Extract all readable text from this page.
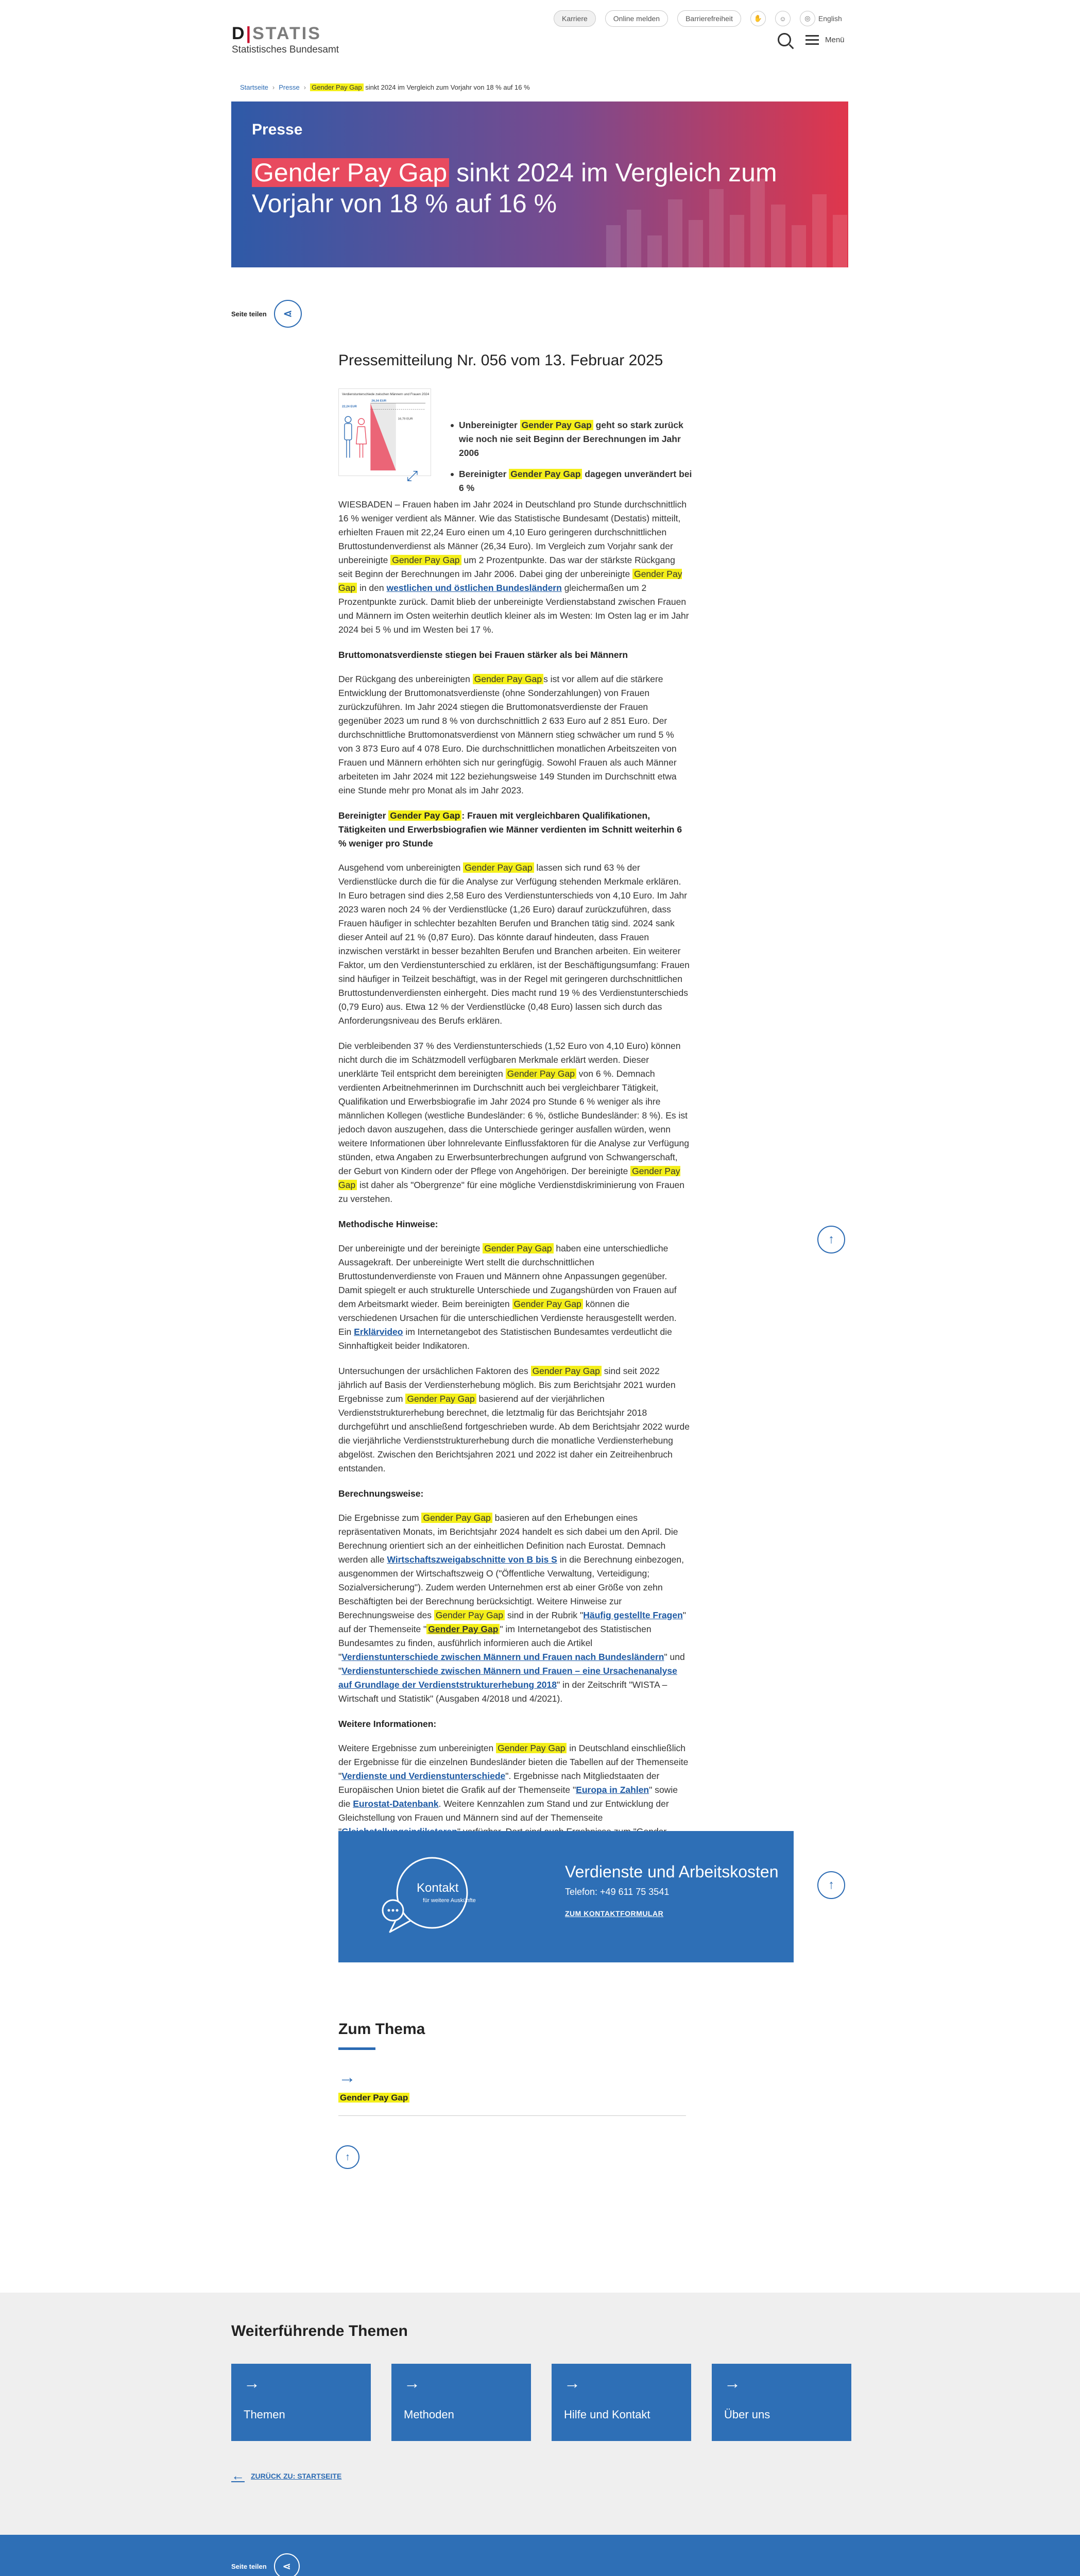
D|STATIS
Statistisches Bundesamt
Karriere	Online melden	Barrierefreiheit	✋	☺	◎	English
Menü
Startseite › Presse › Gender Pay Gap sinkt 2024 im Vergleich zum Vorjahr von 18 % auf 16 %
Presse
Gender Pay Gap sinkt 2024 im Vergleich zum Vorjahr von 18 % auf 16 %
Seite teilen	⋖
Pressemitteilung Nr. 056 vom 13. Februar 2025
Verdienstunterschiede zwischen Männern und Frauen 2024
22,24 EUR
26,34 EUR
16,79 EUR
⤢
Unbereinigter Gender Pay Gap geht so stark zurück wie noch nie seit Beginn der Berechnungen im Jahr 2006
Bereinigter Gender Pay Gap dagegen unverändert bei 6 %

WIESBADEN – Frauen haben im Jahr 2024 in Deutschland pro Stunde durchschnittlich 16 % weniger verdient als Männer. Wie das Statistische Bundesamt (Destatis) mitteilt, erhielten Frauen mit 22,24 Euro einen um 4,10 Euro geringeren durchschnittlichen Bruttostundenverdienst als Männer (26,34 Euro). Im Vergleich zum Vorjahr sank der unbereinigte Gender Pay Gap um 2 Prozentpunkte. Das war der stärkste Rückgang seit Beginn der Berechnungen im Jahr 2006. Dabei ging der unbereinigte Gender Pay Gap in den westlichen und östlichen Bundesländern gleichermaßen um 2 Prozentpunkte zurück. Damit blieb der unbereinigte Verdienstabstand zwischen Frauen und Männern im Osten weiterhin deutlich kleiner als im Westen: Im Osten lag er im Jahr 2024 bei 5 % und im Westen bei 17 %.

Bruttomonatsverdienste stiegen bei Frauen stärker als bei Männern

Der Rückgang des unbereinigten Gender Pay Gap s ist vor allem auf die stärkere Entwicklung der Bruttomonatsverdienste (ohne Sonderzahlungen) von Frauen zurückzuführen. Im Jahr 2024 stiegen die Bruttomonatsverdienste der Frauen gegenüber 2023 um rund 8 % von durchschnittlich 2 633 Euro auf 2 851 Euro. Der durchschnittliche Bruttomonatsverdienst von Männern stieg schwächer um rund 5 % von 3 873 Euro auf 4 078 Euro. Die durchschnittlichen monatlichen Arbeitszeiten von Frauen und Männern erhöhten sich nur geringfügig. Sowohl Frauen als auch Männer arbeiteten im Jahr 2024 mit 122 beziehungsweise 149 Stunden im Durchschnitt etwa eine Stunde mehr pro Monat als im Jahr 2023.

Bereinigter Gender Pay Gap : Frauen mit vergleichbaren Qualifikationen, Tätigkeiten und Erwerbsbiografien wie Männer verdienten im Schnitt weiterhin 6 % weniger pro Stunde

Ausgehend vom unbereinigten Gender Pay Gap lassen sich rund 63 % der Verdienstlücke durch die für die Analyse zur Verfügung stehenden Merkmale erklären. In Euro betragen sind dies 2,58 Euro des Verdienstunterschieds von 4,10 Euro. Im Jahr 2023 waren noch 24 % der Verdienstlücke (1,26 Euro) darauf zurückzuführen, dass Frauen häufiger in schlechter bezahlten Berufen und Branchen tätig sind. 2024 sank dieser Anteil auf 21 % (0,87 Euro). Das könnte darauf hindeuten, dass Frauen inzwischen verstärkt in besser bezahlten Berufen und Branchen arbeiten. Ein weiterer Faktor, um den Verdienstunterschied zu erklären, ist der Beschäftigungsumfang: Frauen sind häufiger in Teilzeit beschäftigt, was in der Regel mit geringeren durchschnittlichen Bruttostundenverdiensten einhergeht. Dies macht rund 19 % des Verdienstunterschieds (0,79 Euro) aus. Etwa 12 % der Verdienstlücke (0,48 Euro) lassen sich durch das Anforderungsniveau des Berufs erklären.

Die verbleibenden 37 % des Verdienstunterschieds (1,52 Euro von 4,10 Euro) können nicht durch die im Schätzmodell verfügbaren Merkmale erklärt werden. Dieser unerklärte Teil entspricht dem bereinigten Gender Pay Gap von 6 %. Demnach verdienten Arbeitnehmerinnen im Durchschnitt auch bei vergleichbarer Tätigkeit, Qualifikation und Erwerbsbiografie im Jahr 2024 pro Stunde 6 % weniger als ihre männlichen Kollegen (westliche Bundesländer: 6 %, östliche Bundesländer: 8 %). Es ist jedoch davon auszugehen, dass die Unterschiede geringer ausfallen würden, wenn weitere Informationen über lohnrelevante Einflussfaktoren für die Analyse zur Verfügung stünden, etwa Angaben zu Erwerbsunterbrechungen aufgrund von Schwangerschaft, der Geburt von Kindern oder der Pflege von Angehörigen. Der bereinigte Gender Pay Gap ist daher als "Obergrenze" für eine mögliche Verdienstdiskriminierung von Frauen zu verstehen.

Methodische Hinweise:

Der unbereinigte und der bereinigte Gender Pay Gap haben eine unterschiedliche Aussagekraft. Der unbereinigte Wert stellt die durchschnittlichen Bruttostundenverdienste von Frauen und Männern ohne Anpassungen gegenüber. Damit spiegelt er auch strukturelle Unterschiede und Zugangshürden von Frauen auf dem Arbeitsmarkt wieder. Beim bereinigten Gender Pay Gap können die verschiedenen Ursachen für die unterschiedlichen Verdienste herausgestellt werden. Ein Erklärvideo im Internetangebot des Statistischen Bundesamtes verdeutlicht die Sinnhaftigkeit beider Indikatoren.

Untersuchungen der ursächlichen Faktoren des Gender Pay Gap sind seit 2022 jährlich auf Basis der Verdiensterhebung möglich. Bis zum Berichtsjahr 2021 wurden Ergebnisse zum Gender Pay Gap basierend auf der vierjährlichen Verdienststrukturerhebung berechnet, die letztmalig für das Berichtsjahr 2018 durchgeführt und anschließend fortgeschrieben wurde. Ab dem Berichtsjahr 2022 wurde die vierjährliche Verdienststrukturerhebung durch die monatliche Verdiensterhebung abgelöst. Zwischen den Berichtsjahren 2021 und 2022 ist daher ein Zeitreihenbruch entstanden.

Berechnungsweise:

Die Ergebnisse zum Gender Pay Gap basieren auf den Erhebungen eines repräsentativen Monats, im Berichtsjahr 2024 handelt es sich dabei um den April. Die Berechnung orientiert sich an der einheitlichen Definition nach Eurostat. Demnach werden alle Wirtschaftszweigabschnitte von B bis S in die Berechnung einbezogen, ausgenommen der Wirtschaftszweig O ("Öffentliche Verwaltung, Verteidigung; Sozialversicherung"). Zudem werden Unternehmen erst ab einer Größe von zehn Beschäftigten bei der Berechnung berücksichtigt. Weitere Hinweise zur Berechnungsweise des Gender Pay Gap sind in der Rubrik "Häufig gestellte Fragen" auf der Themenseite " Gender Pay Gap " im Internetangebot des Statistischen Bundesamtes zu finden, ausführlich informieren auch die Artikel "Verdienstunterschiede zwischen Männern und Frauen nach Bundesländern" und "Verdienstunterschiede zwischen Männern und Frauen – eine Ursachenanalyse auf Grundlage der Verdienststrukturerhebung 2018" in der Zeitschrift "WISTA – Wirtschaft und Statistik" (Ausgaben 4/2018 und 4/2021).

Weitere Informationen:

Weitere Ergebnisse zum unbereinigten Gender Pay Gap in Deutschland einschließlich der Ergebnisse für die einzelnen Bundesländer bieten die Tabellen auf der Themenseite "Verdienste und Verdienstunterschiede". Ergebnisse nach Mitgliedstaaten der Europäischen Union bietet die Grafik auf der Themenseite "Europa in Zahlen" sowie die Eurostat-Datenbank. Weitere Kennzahlen zum Stand und zur Entwicklung der Gleichstellung von Frauen und Männern sind auf der Themenseite

↑
Kontakt
für weitere Auskünfte
Verdienste und Arbeitskosten
Telefon: +49 611 75 3541
ZUM KONTAKTFORMULAR
↑
Zum Thema
→
Gender Pay Gap
↑
Weiterführende Themen
→
Themen
→
Methoden
→
Hilfe und Kontakt
→
Über uns
← ZURÜCK ZU: STARTSEITE
Seite teilen	⋖
